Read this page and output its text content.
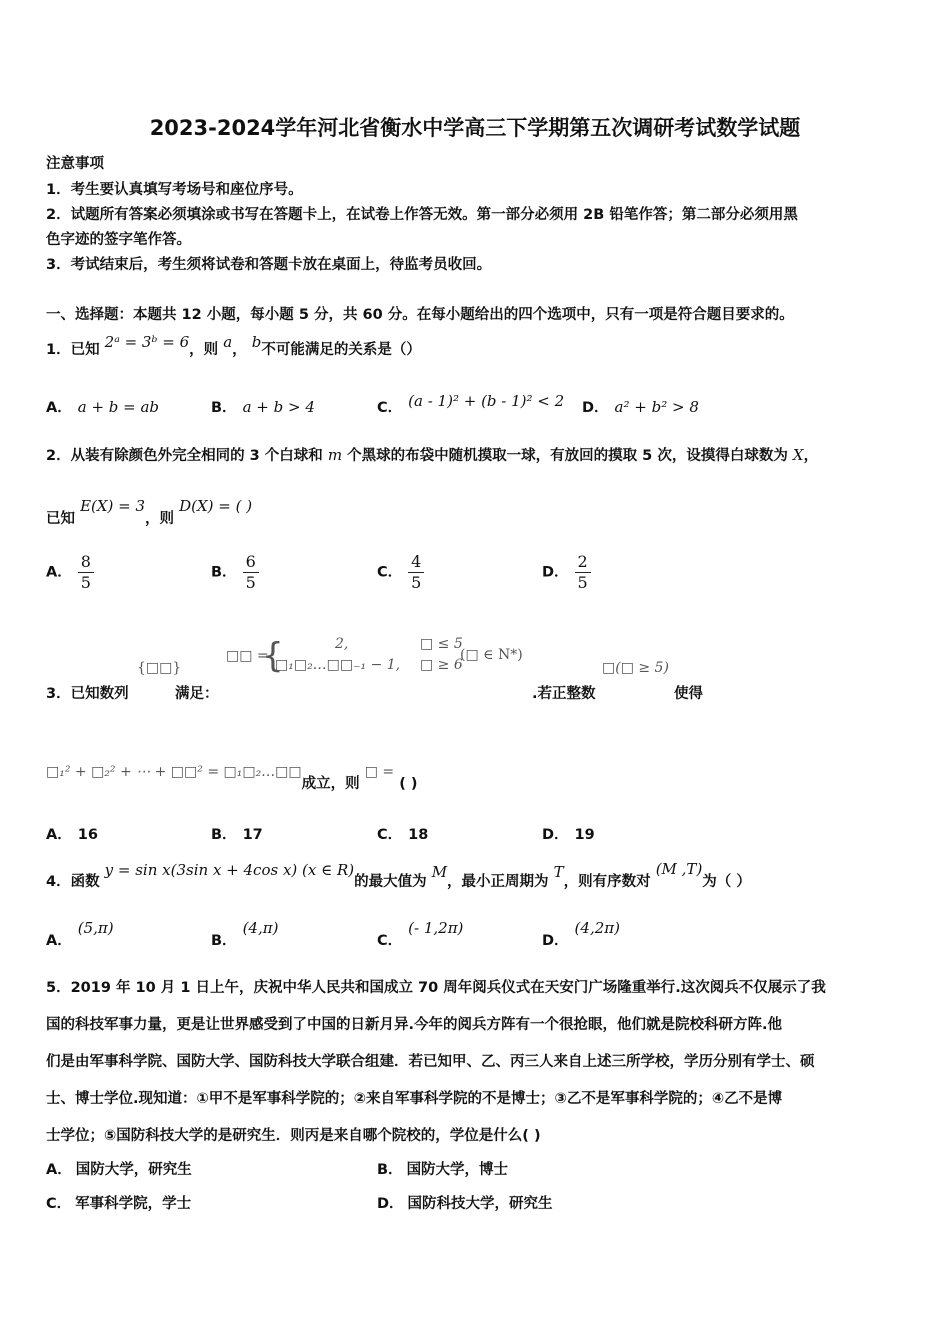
2023-2024学年河北省衡水中学高三下学期第五次调研考试数学试题
注意事项
1．考生要认真填写考场号和座位序号。
2．试题所有答案必须填涂或书写在答题卡上，在试卷上作答无效。第一部分必须用 2B 铅笔作答；第二部分必须用黑
色字迹的签字笔作答。
3．考试结束后，考生须将试卷和答题卡放在桌面上，待监考员收回。
一、选择题：本题共 12 小题，每小题 5 分，共 60 分。在每小题给出的四个选项中，只有一项是符合题目要求的。
1．已知 2ᵃ = 3ᵇ = 6，则 a， b不可能满足的关系是（）
A． a + b = ab	B． a + b > 4	C． (a - 1)² + (b - 1)² < 2 D． a² + b² > 8
2．从装有除颜色外完全相同的 3 个白球和 m 个黑球的布袋中随机摸取一球，有放回的摸取 5 次，设摸得白球数为 X，
已知 E(X) = 3，则 D(X) = ( )
A． $\frac{8}{5}$	B． $\frac{6}{5}$	C． $\frac{4}{5}$	D． $\frac{2}{5}$
3．已知数列
{□□}
满足：
□□ =
{	2,
□₁□₂…□□₋₁ − 1,
□ ≤ 5
□ ≥ 6
(□ ∈ N*)
.若正整数
□(□ ≥ 5)
使得
□₁² + □₂² + ⋯ + □□² = □₁□₂…□□成立，则 □ = ( )
A． 16	B． 17	C． 18	D． 19
4．函数 y = sin x(3sin x + 4cos x) (x ∈ R)的最大值为 M，最小正周期为 T，则有序数对 (M ,T)为（ ）
A．(5,π)
B．(4,π)
C．(- 1,2π)
D．(4,2π)
5．2019 年 10 月 1 日上午，庆祝中华人民共和国成立 70 周年阅兵仪式在天安门广场隆重举行.这次阅兵不仅展示了我
国的科技军事力量，更是让世界感受到了中国的日新月异.今年的阅兵方阵有一个很抢眼，他们就是院校科研方阵.他
们是由军事科学院、国防大学、国防科技大学联合组建．若已知甲、乙、丙三人来自上述三所学校，学历分别有学士、硕
士、博士学位.现知道：①甲不是军事科学院的；②来自军事科学院的不是博士；③乙不是军事科学院的；④乙不是博
士学位；⑤国防科技大学的是研究生．则丙是来自哪个院校的，学位是什么( )
A． 国防大学，研究生	B． 国防大学，博士
C． 军事科学院，学士	D． 国防科技大学，研究生
